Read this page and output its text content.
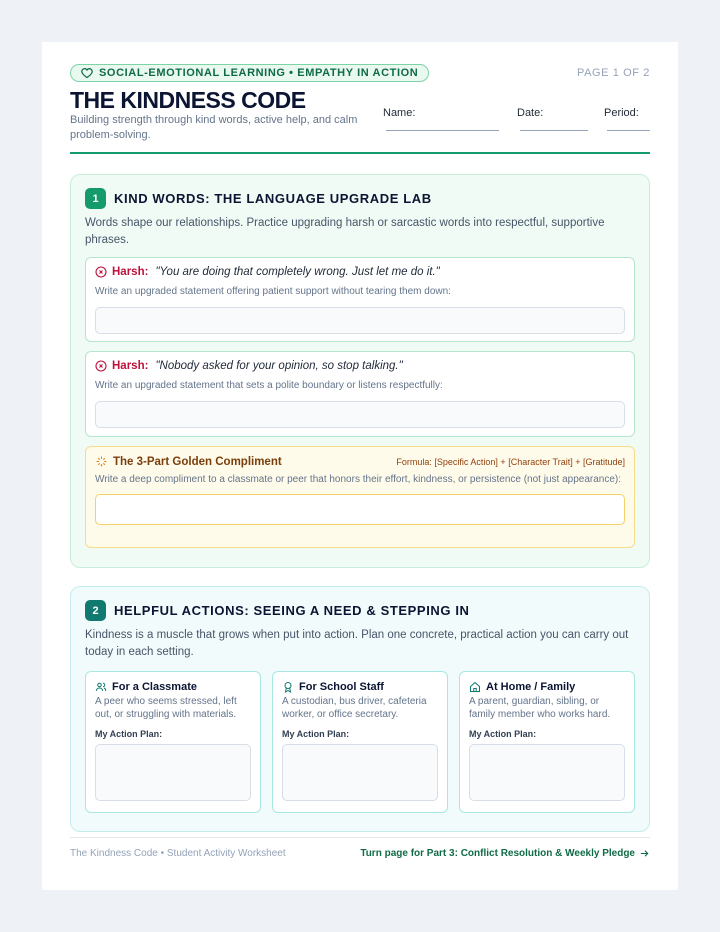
SOCIAL-EMOTIONAL LEARNING • EMPATHY IN ACTION	PAGE 1 OF 2
THE KINDNESS CODE

Building strength through kind words, active help, and calm problem-solving.

Name:	Date:	Period:
1	KIND WORDS: THE LANGUAGE UPGRADE LAB

Words shape our relationships. Practice upgrading harsh or sarcastic words into respectful, supportive phrases.

Harsh: "You are doing that completely wrong. Just let me do it."

Write an upgraded statement offering patient support without tearing them down:

Harsh: "Nobody asked for your opinion, so stop talking."

Write an upgraded statement that sets a polite boundary or listens respectfully:

The 3-Part Golden Compliment	Formula: [Specific Action] + [Character Trait] + [Gratitude]

Write a deep compliment to a classmate or peer that honors their effort, kindness, or persistence (not just appearance):

2	HELPFUL ACTIONS: SEEING A NEED & STEPPING IN

Kindness is a muscle that grows when put into action. Plan one concrete, practical action you can carry out today in each setting.

For a Classmate

A peer who seems stressed, left out, or struggling with materials.

My Action Plan:

For School Staff

A custodian, bus driver, cafeteria worker, or office secretary.

My Action Plan:

At Home / Family

A parent, guardian, sibling, or family member who works hard.

My Action Plan:

The Kindness Code • Student Activity Worksheet	Turn page for Part 3: Conflict Resolution & Weekly Pledge
